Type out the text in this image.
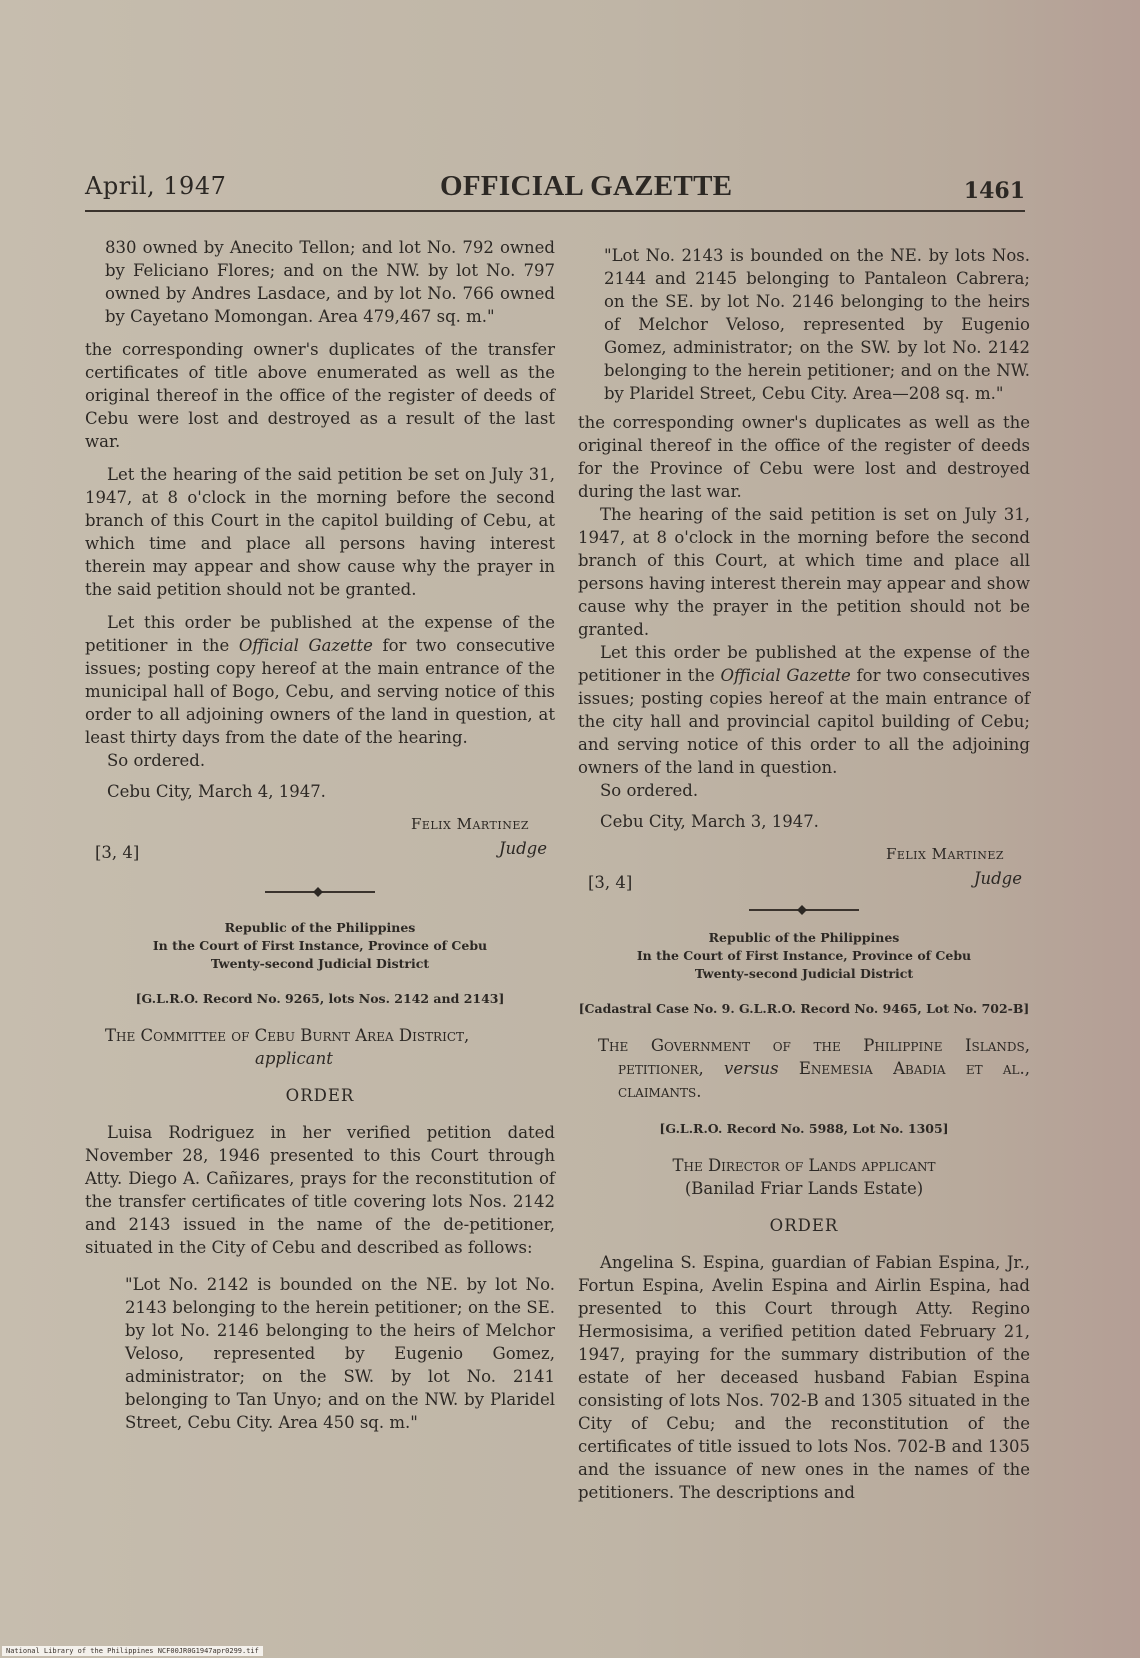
April, 1947	OFFICIAL GAZETTE	1461

830 owned by Anecito Tellon; and lot No. 792 owned by Feliciano Flores; and on the NW. by lot No. 797 owned by Andres Lasdace, and by lot No. 766 owned by Cayetano Momongan. Area 479,467 sq. m."

the corresponding owner's duplicates of the transfer certificates of title above enumerated as well as the original thereof in the office of the register of deeds of Cebu were lost and destroyed as a result of the last war.

Let the hearing of the said petition be set on July 31, 1947, at 8 o'clock in the morning before the second branch of this Court in the capitol building of Cebu, at which time and place all persons having interest therein may appear and show cause why the prayer in the said petition should not be granted.

Let this order be published at the expense of the petitioner in the Official Gazette for two consecutive issues; posting copy hereof at the main entrance of the municipal hall of Bogo, Cebu, and serving notice of this order to all adjoining owners of the land in question, at least thirty days from the date of the hearing.

So ordered.

Cebu City, March 4, 1947.

Felix Martinez
Judge
[3, 4]

Republic of the Philippines

In the Court of First Instance, Province of Cebu

Twenty-second Judicial District

[G.L.R.O. Record No. 9265, lots Nos. 2142 and 2143]

The Committee of Cebu Burnt Area District,
applicant

ORDER

Luisa Rodriguez in her verified petition dated November 28, 1946 presented to this Court through Atty. Diego A. Cañizares, prays for the reconstitution of the transfer certificates of title covering lots Nos. 2142 and 2143 issued in the name of the de-petitioner, situated in the City of Cebu and described as follows:

"Lot No. 2142 is bounded on the NE. by lot No. 2143 belonging to the herein petitioner; on the SE. by lot No. 2146 belonging to the heirs of Melchor Veloso, represented by Eugenio Gomez, administrator; on the SW. by lot No. 2141 belonging to Tan Unyo; and on the NW. by Plaridel Street, Cebu City. Area 450 sq. m."

"Lot No. 2143 is bounded on the NE. by lots Nos. 2144 and 2145 belonging to Pantaleon Cabrera; on the SE. by lot No. 2146 belonging to the heirs of Melchor Veloso, represented by Eugenio Gomez, administrator; on the SW. by lot No. 2142 belonging to the herein petitioner; and on the NW. by Plaridel Street, Cebu City. Area—208 sq. m."

the corresponding owner's duplicates as well as the original thereof in the office of the register of deeds for the Province of Cebu were lost and destroyed during the last war.

The hearing of the said petition is set on July 31, 1947, at 8 o'clock in the morning before the second branch of this Court, at which time and place all persons having interest therein may appear and show cause why the prayer in the petition should not be granted.

Let this order be published at the expense of the petitioner in the Official Gazette for two consecutives issues; posting copies hereof at the main entrance of the city hall and provincial capitol building of Cebu; and serving notice of this order to all the adjoining owners of the land in question.

So ordered.

Cebu City, March 3, 1947.

Felix Martinez
Judge
[3, 4]

Republic of the Philippines

In the Court of First Instance, Province of Cebu

Twenty-second Judicial District

[Cadastral Case No. 9. G.L.R.O. Record No. 9465, Lot No. 702-B]

The Government of the Philippine Islands, petitioner, versus Enemesia Abadia et al., claimants.

[G.L.R.O. Record No. 5988, Lot No. 1305]

The Director of Lands applicant

(Banilad Friar Lands Estate)

ORDER

Angelina S. Espina, guardian of Fabian Espina, Jr., Fortun Espina, Avelin Espina and Airlin Espina, had presented to this Court through Atty. Regino Hermosisima, a verified petition dated February 21, 1947, praying for the summary distribution of the estate of her deceased husband Fabian Espina consisting of lots Nos. 702-B and 1305 situated in the City of Cebu; and the reconstitution of the certificates of title issued to lots Nos. 702-B and 1305 and the issuance of new ones in the names of the petitioners. The descriptions and

National Library of the Philippines NCF00JR0G1947apr0299.tif
